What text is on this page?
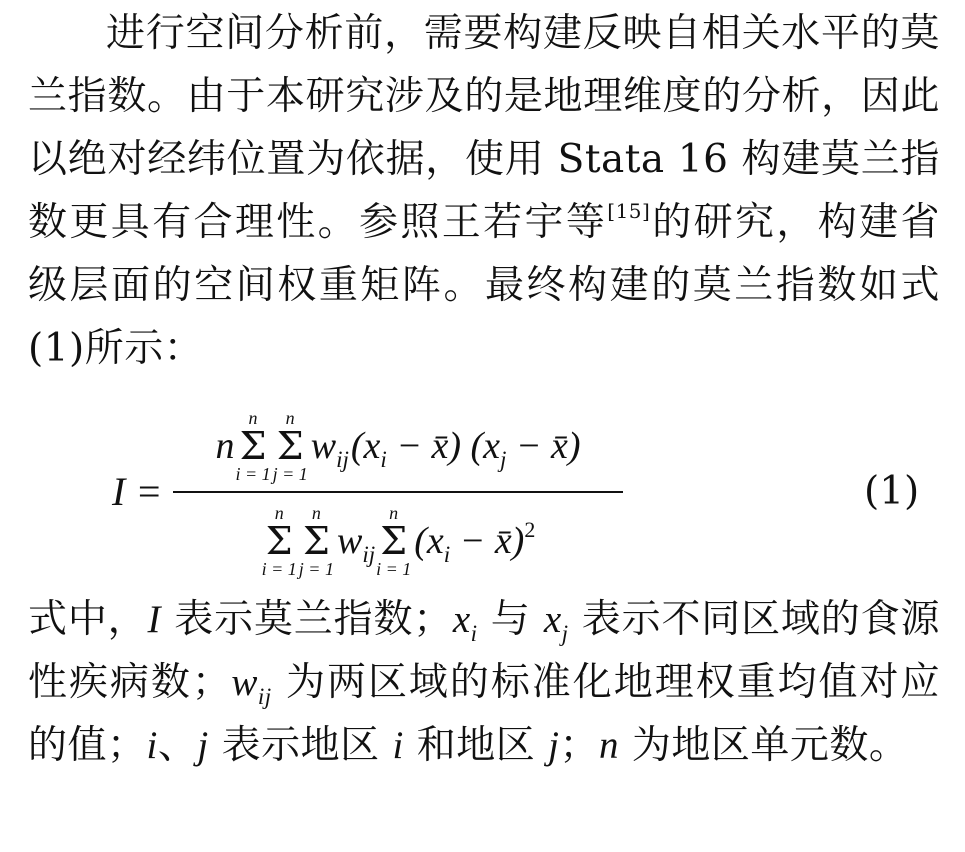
进行空间分析前，需要构建反映自相关水平的莫兰指数。由于本研究涉及的是地理维度的分析，因此以绝对经纬位置为依据，使用 Stata 16 构建莫兰指数更具有合理性。参照王若宇等[15]的研究，构建省级层面的空间权重矩阵。最终构建的莫兰指数如式(1)所示：

I =
n
n
Σ
i = 1
n
Σ
j = 1
$w_{ij}$ ($x_i$ − x̄) ($x_j$ − x̄)
n
Σ
i = 1
n
Σ
j = 1
$w_{ij}$
n
Σ
i = 1
($x_i$ − x̄)$^2$
(1)

式中，I 表示莫兰指数；$x_i$ 与 $x_j$ 表示不同区域的食源性疾病数；$w_{ij}$ 为两区域的标准化地理权重均值对应的值；i、j 表示地区 i 和地区 j；n 为地区单元数。
